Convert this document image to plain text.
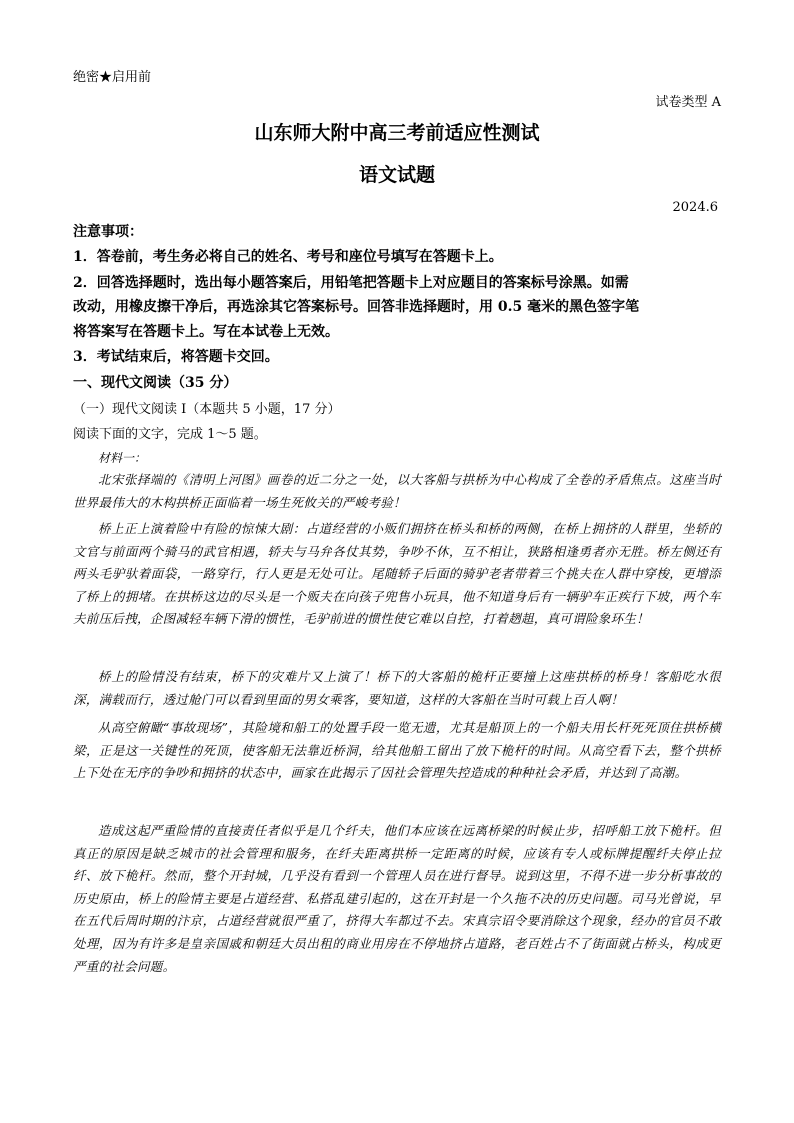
绝密★启用前
试卷类型 A
山东师大附中高三考前适应性测试
语文试题
2024.6
注意事项：
1．答卷前，考生务必将自己的姓名、考号和座位号填写在答题卡上。
2．回答选择题时，选出每小题答案后，用铅笔把答题卡上对应题目的答案标号涂黑。如需
改动，用橡皮擦干净后，再选涂其它答案标号。回答非选择题时，用 0.5 毫米的黑色签字笔
将答案写在答题卡上。写在本试卷上无效。
3．考试结束后，将答题卡交回。
一、现代文阅读（35 分）
（一）现代文阅读 I（本题共 5 小题，17 分）
阅读下面的文字，完成 1～5 题。
材料一：
北宋张择端的《清明上河图》画卷的近二分之一处，以大客船与拱桥为中心构成了全卷的矛盾焦点。这座当时世界最伟大的木构拱桥正面临着一场生死攸关的严峻考验！
桥上正上演着险中有险的惊悚大剧：占道经营的小贩们拥挤在桥头和桥的两侧，在桥上拥挤的人群里，坐轿的文官与前面两个骑马的武官相遇，轿夫与马弁各仗其势，争吵不休，互不相让，狭路相逢勇者亦无胜。桥左侧还有两头毛驴驮着面袋，一路穿行，行人更是无处可让。尾随轿子后面的骑驴老者带着三个挑夫在人群中穿梭，更增添了桥上的拥堵。在拱桥这边的尽头是一个贩夫在向孩子兜售小玩具，他不知道身后有一辆驴车正疾行下坡，两个车夫前压后拽，企图减轻车辆下滑的惯性，毛驴前进的惯性使它难以自控，打着趔趄，真可谓险象环生！
桥上的险情没有结束，桥下的灾难片又上演了！桥下的大客船的桅杆正要撞上这座拱桥的桥身！客船吃水很深，满载而行，透过舱门可以看到里面的男女乘客，要知道，这样的大客船在当时可载上百人啊！
从高空俯瞰“事故现场”，其险境和船工的处置手段一览无遗，尤其是船顶上的一个船夫用长杆死死顶住拱桥横梁，正是这一关键性的死顶，使客船无法靠近桥洞，给其他船工留出了放下桅杆的时间。从高空看下去，整个拱桥上下处在无序的争吵和拥挤的状态中，画家在此揭示了因社会管理失控造成的种种社会矛盾，并达到了高潮。
造成这起严重险情的直接责任者似乎是几个纤夫，他们本应该在远离桥梁的时候止步，招呼船工放下桅杆。但真正的原因是缺乏城市的社会管理和服务，在纤夫距离拱桥一定距离的时候，应该有专人或标牌提醒纤夫停止拉纤、放下桅杆。然而，整个开封城，几乎没有看到一个管理人员在进行督导。说到这里，不得不进一步分析事故的历史原由，桥上的险情主要是占道经营、私搭乱建引起的，这在开封是一个久拖不决的历史问题。司马光曾说，早在五代后周时期的汴京，占道经营就很严重了，挤得大车都过不去。宋真宗诏令要消除这个现象，经办的官员不敢处理，因为有许多是皇亲国戚和朝廷大员出租的商业用房在不停地挤占道路，老百姓占不了街面就占桥头，构成更严重的社会问题。
